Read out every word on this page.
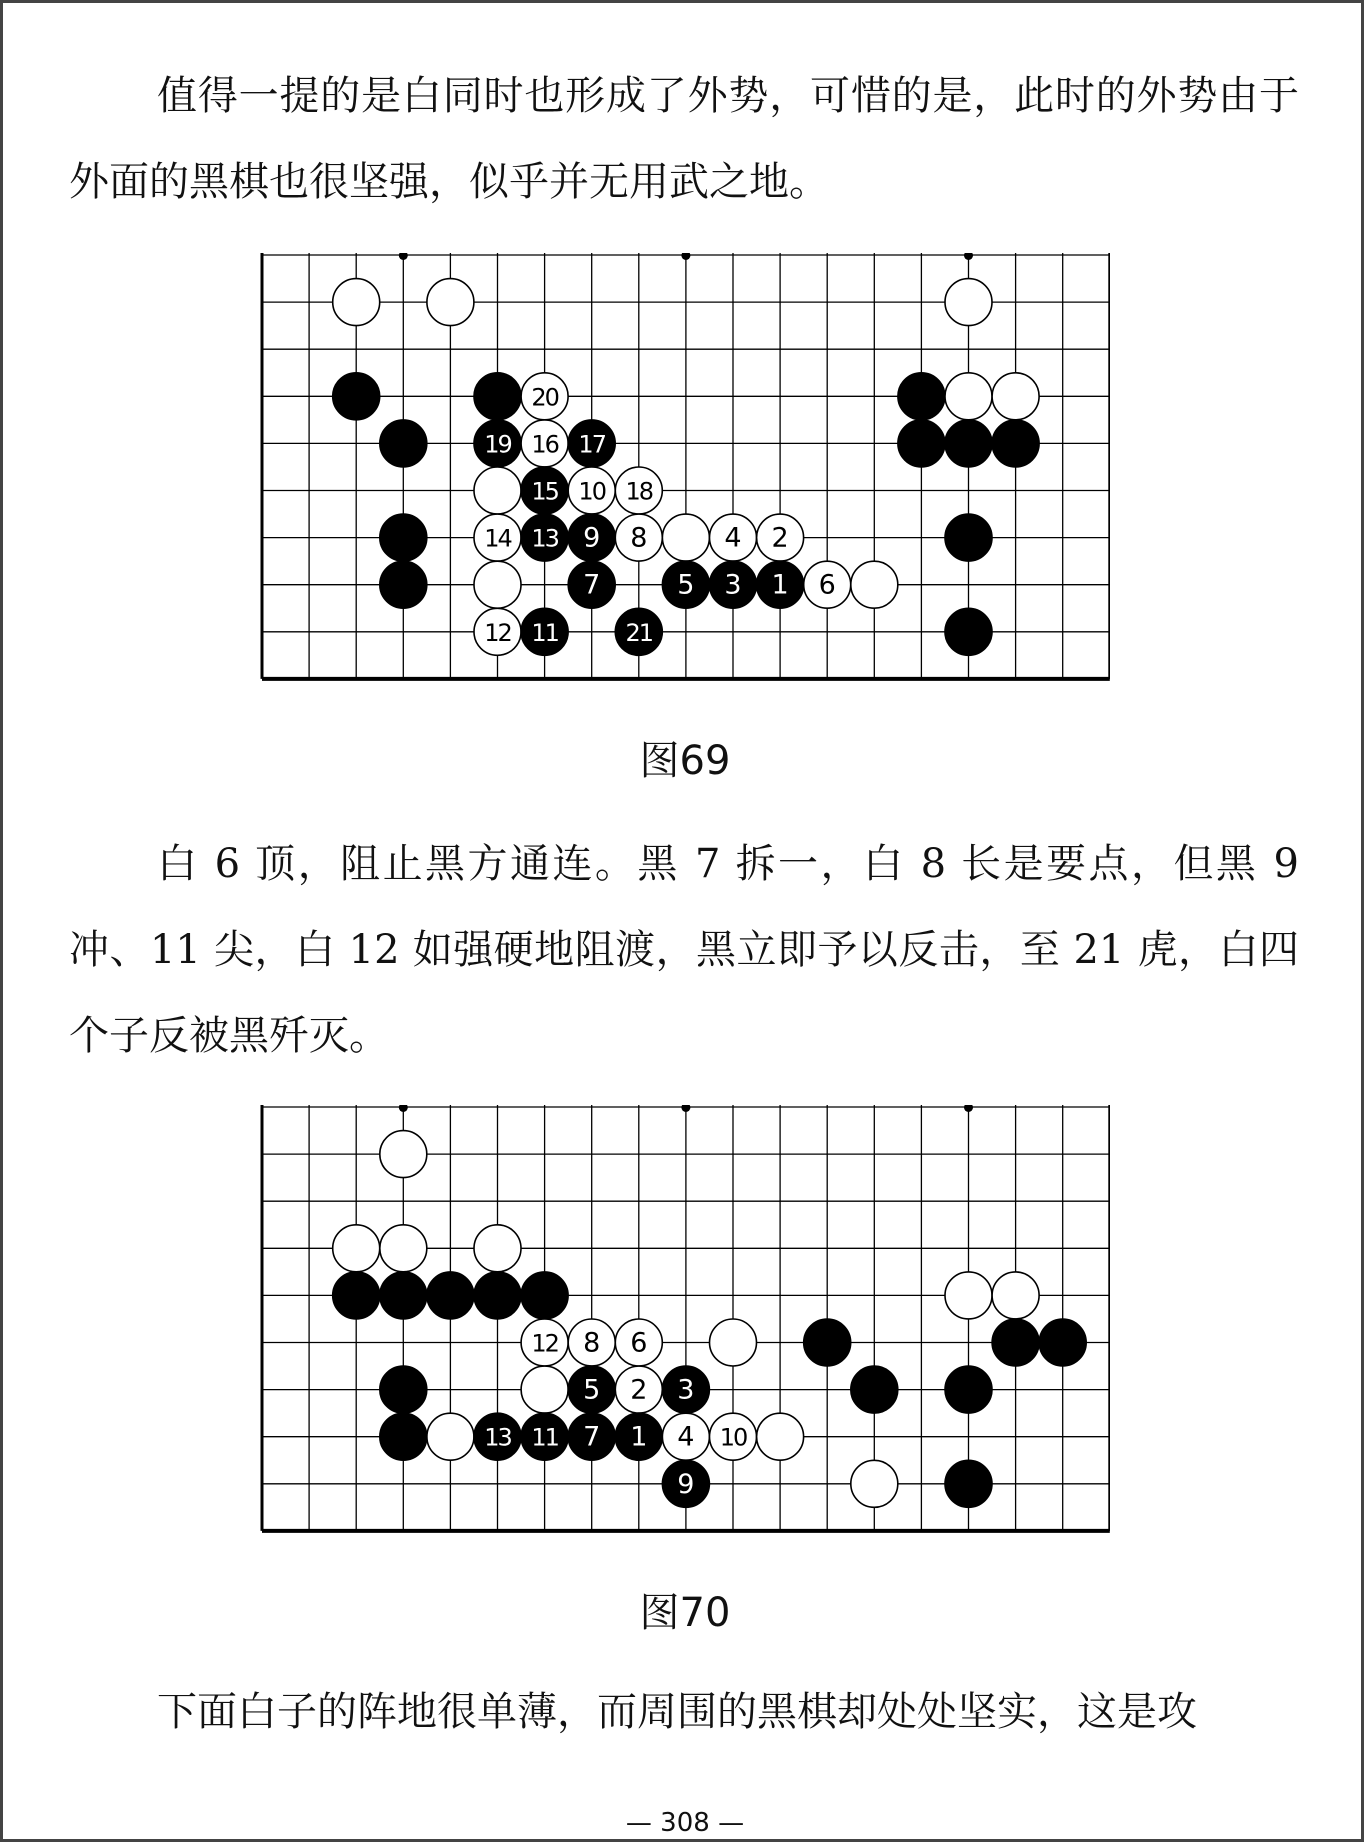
值得一提的是白同时也形成了外势，可惜的是，此时的外势由于外面的黑棋也很坚强，似乎并无用武之地。

20
19 16 17
15 10 18
14 13 9 8	4 2
7	5 3 1 6
12 11	21
图69

白 6 顶，阻止黑方通连。黑 7 拆一，白 8 长是要点，但黑 9 冲、11 尖，白 12 如强硬地阻渡，黑立即予以反击，至 21 虎，白四个子反被黑歼灭。

12 8 6
5 2 3
13 11 7 1 4 10
9
图70

下面白子的阵地很单薄，而周围的黑棋却处处坚实，这是攻

— 308 —
